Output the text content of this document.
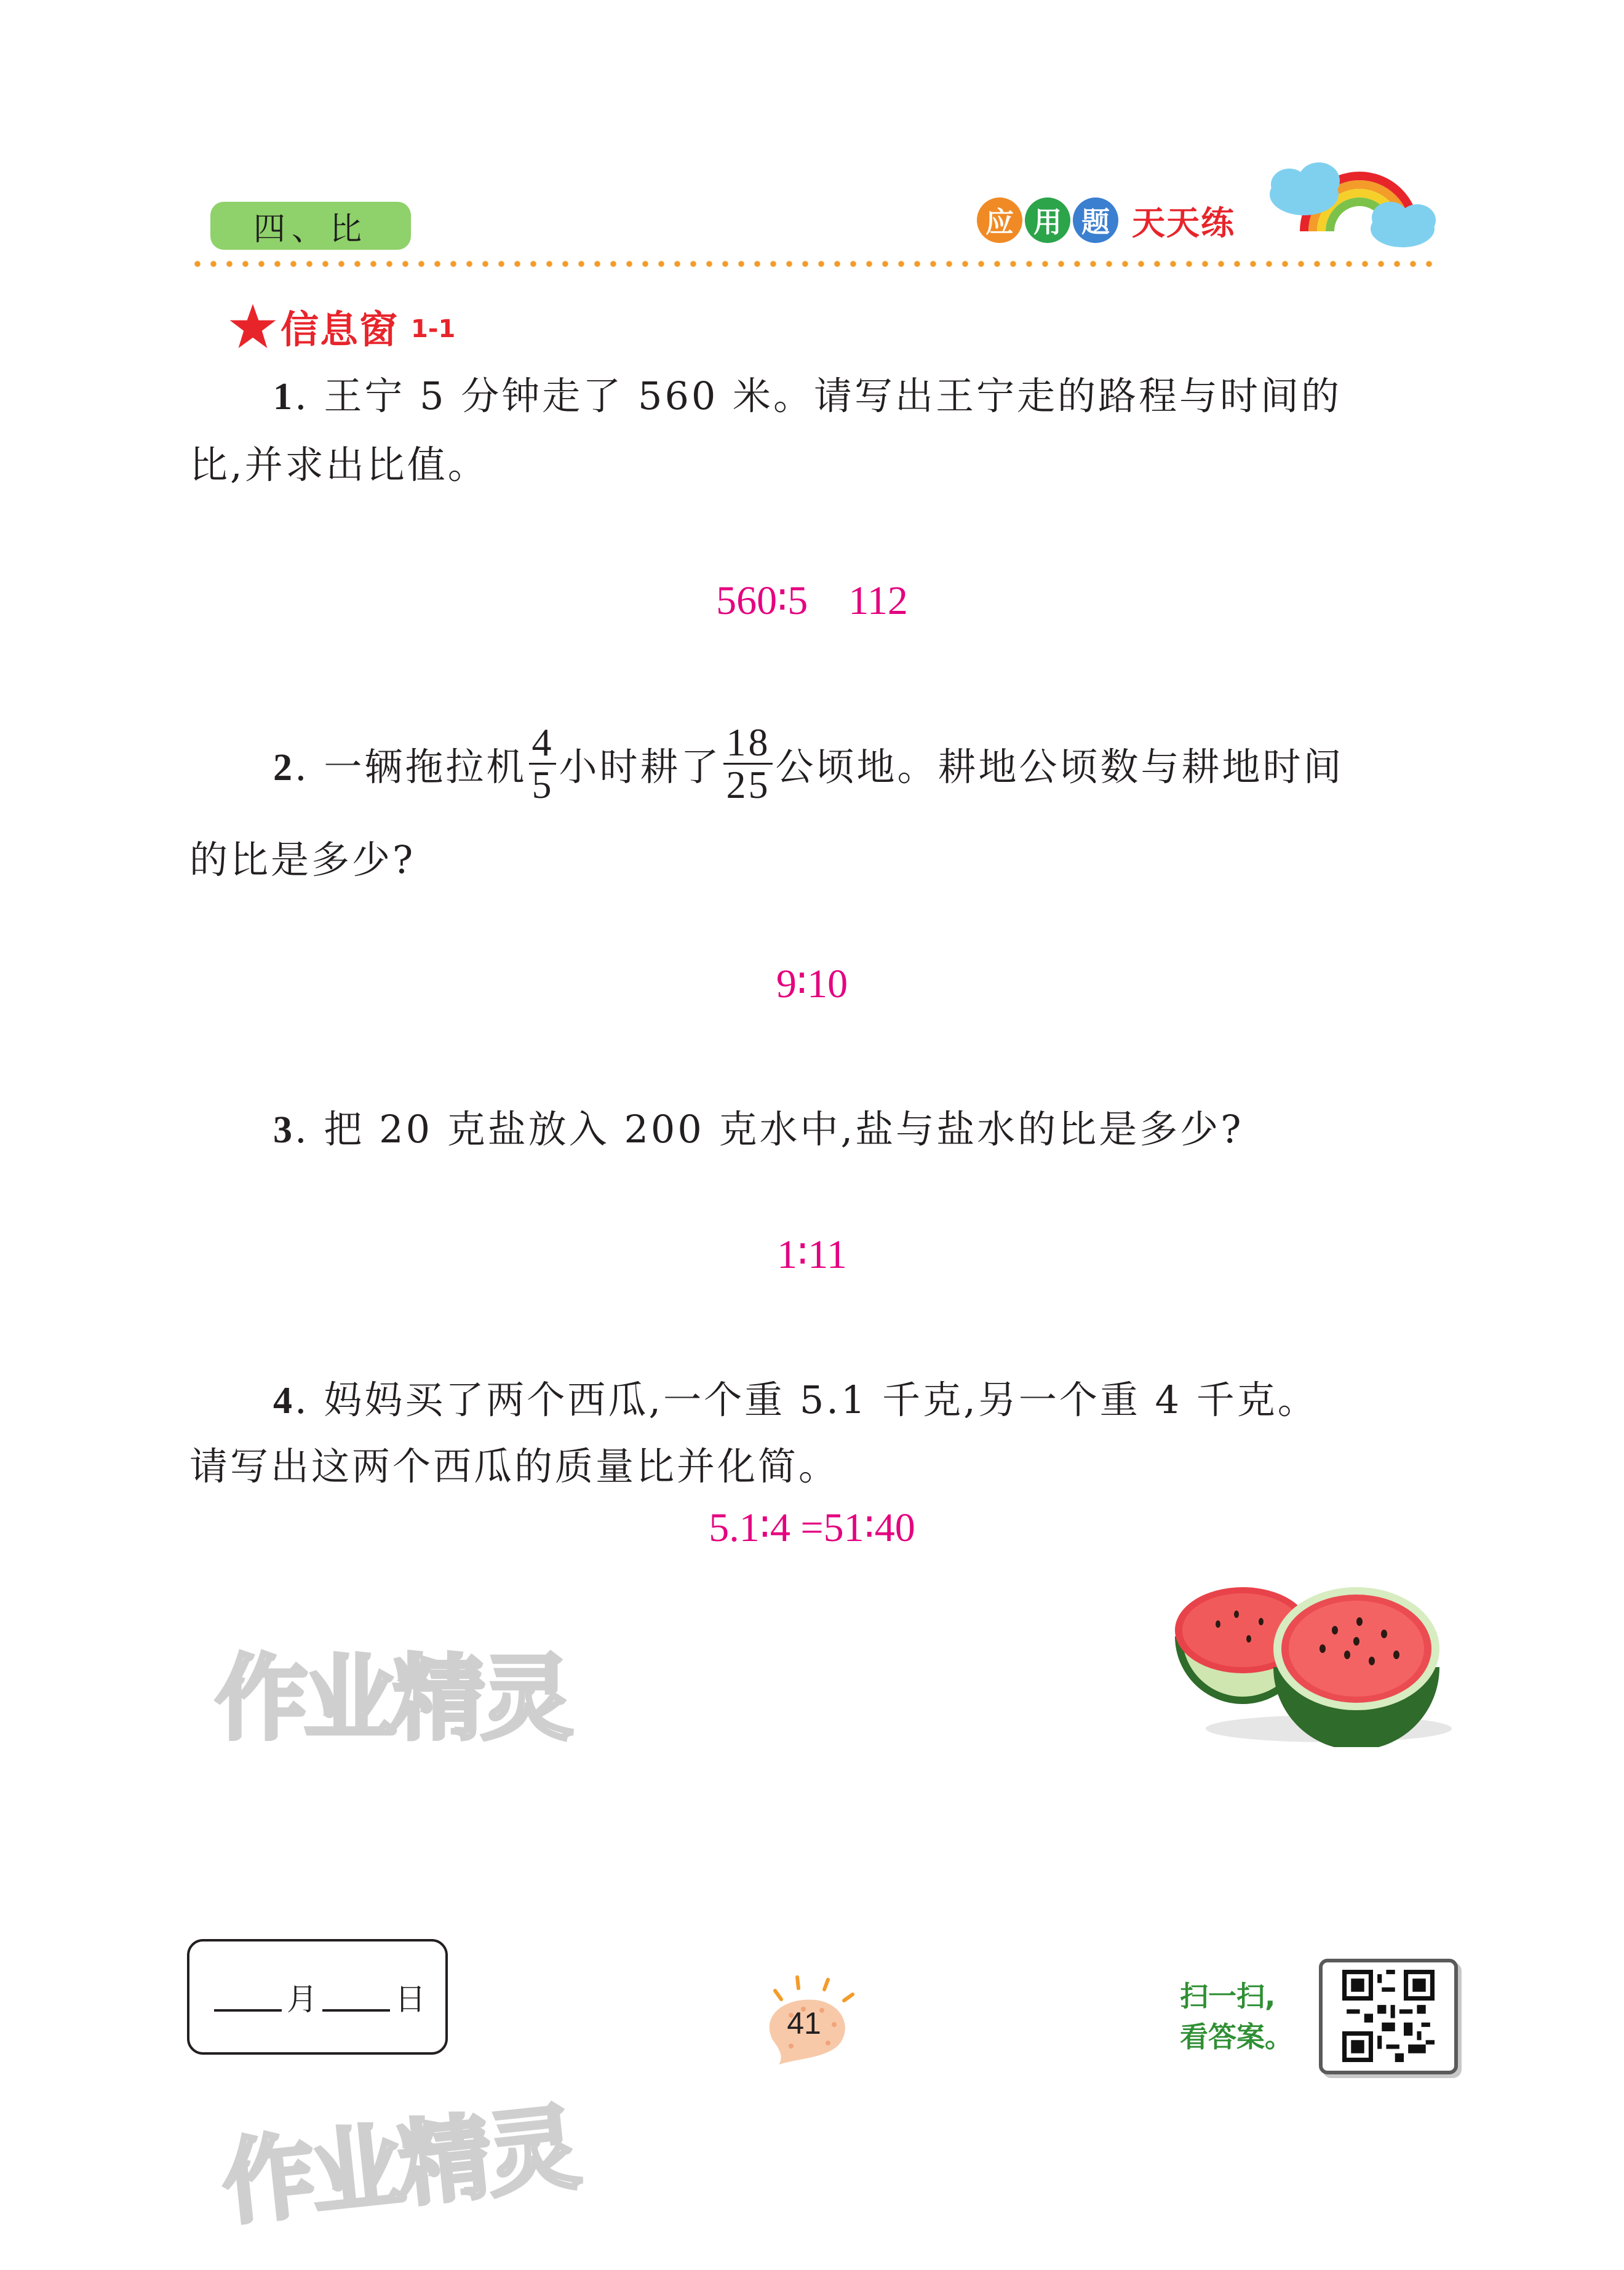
四、比	应 用 题 天天练
信息窗 1-1
1. 王宁 5 分钟走了 560 米。请写出王宁走的路程与时间的
比,并求出比值。
560∶5　112
2. 一辆拖拉机 $\frac{4}{5}$ 小时耕了 $\frac{18}{25}$ 公顷地。耕地公顷数与耕地时间
的比是多少?
9∶10
3. 把 20 克盐放入 200 克水中,盐与盐水的比是多少?
1∶11
4. 妈妈买了两个西瓜,一个重 5.1 千克,另一个重 4 千克。
请写出这两个西瓜的质量比并化简。
5.1∶4 =51∶40
作业精灵
作业精灵
月	日
41
扫一扫,
看答案。
